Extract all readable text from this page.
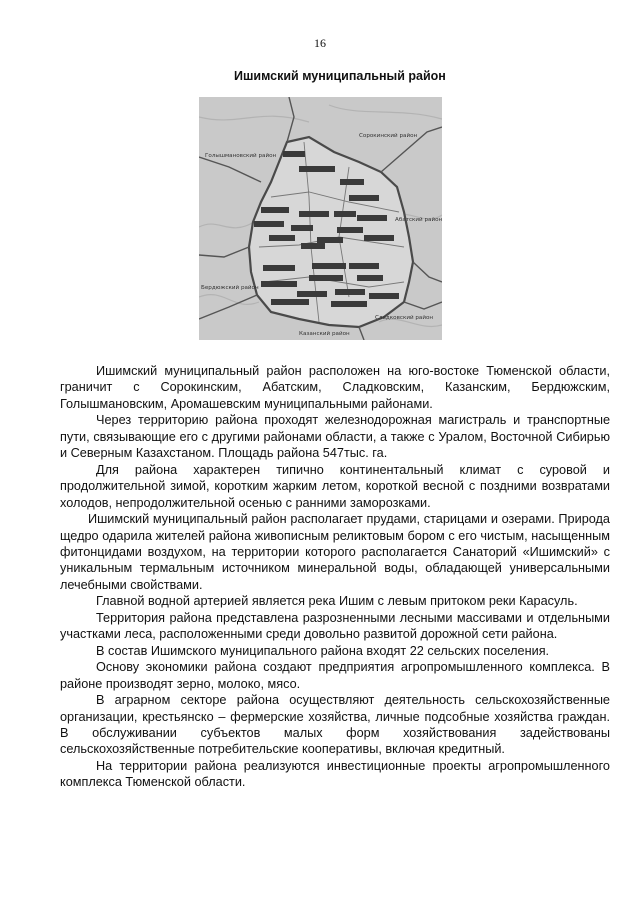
16
Ишимский муниципальный район
Голышмановский район
Сорокинский район
Абатский район
Бердюжский район
Сладковский район
Казанский район

Ишимский муниципальный район расположен на юго-востоке Тюменской области, граничит с Сорокинским, Абатским, Сладковским, Казанским, Бердюжским, Голышмановским, Аромашевским муниципальными районами.

Через территорию района проходят железнодорожная магистраль и транспортные пути, связывающие его с другими районами области, а также с Уралом, Восточной Сибирью и Северным Казахстаном. Площадь района 547тыс. га.

Для района характерен типично континентальный климат с суровой и продолжительной зимой, коротким жарким летом, короткой весной с поздними возвратами холодов, непродолжительной осенью с ранними заморозками.

Ишимский муниципальный район располагает прудами, старицами и озерами. Природа щедро одарила жителей района живописным реликтовым бором с его чистым, насыщенным фитонцидами воздухом, на территории которого располагается Санаторий «Ишимский» с уникальным термальным источником минеральной воды, обладающей универсальными лечебными свойствами.

Главной водной артерией является река Ишим с левым притоком реки Карасуль.

Территория района представлена разрозненными лесными массивами и отдельными участками леса, расположенными среди довольно развитой дорожной сети района.

В состав Ишимского муниципального района входят 22 сельских поселения.

Основу экономики района создают предприятия агропромышленного комплекса. В районе производят зерно, молоко, мясо.

В аграрном секторе района осуществляют деятельность сельскохозяйственные организации, крестьянско – фермерские хозяйства, личные подсобные хозяйства граждан. В обслуживании субъектов малых форм хозяйствования задействованы сельскохозяйственные потребительские кооперативы, включая кредитный.

На территории района реализуются инвестиционные проекты агропромышленного комплекса Тюменской области.
